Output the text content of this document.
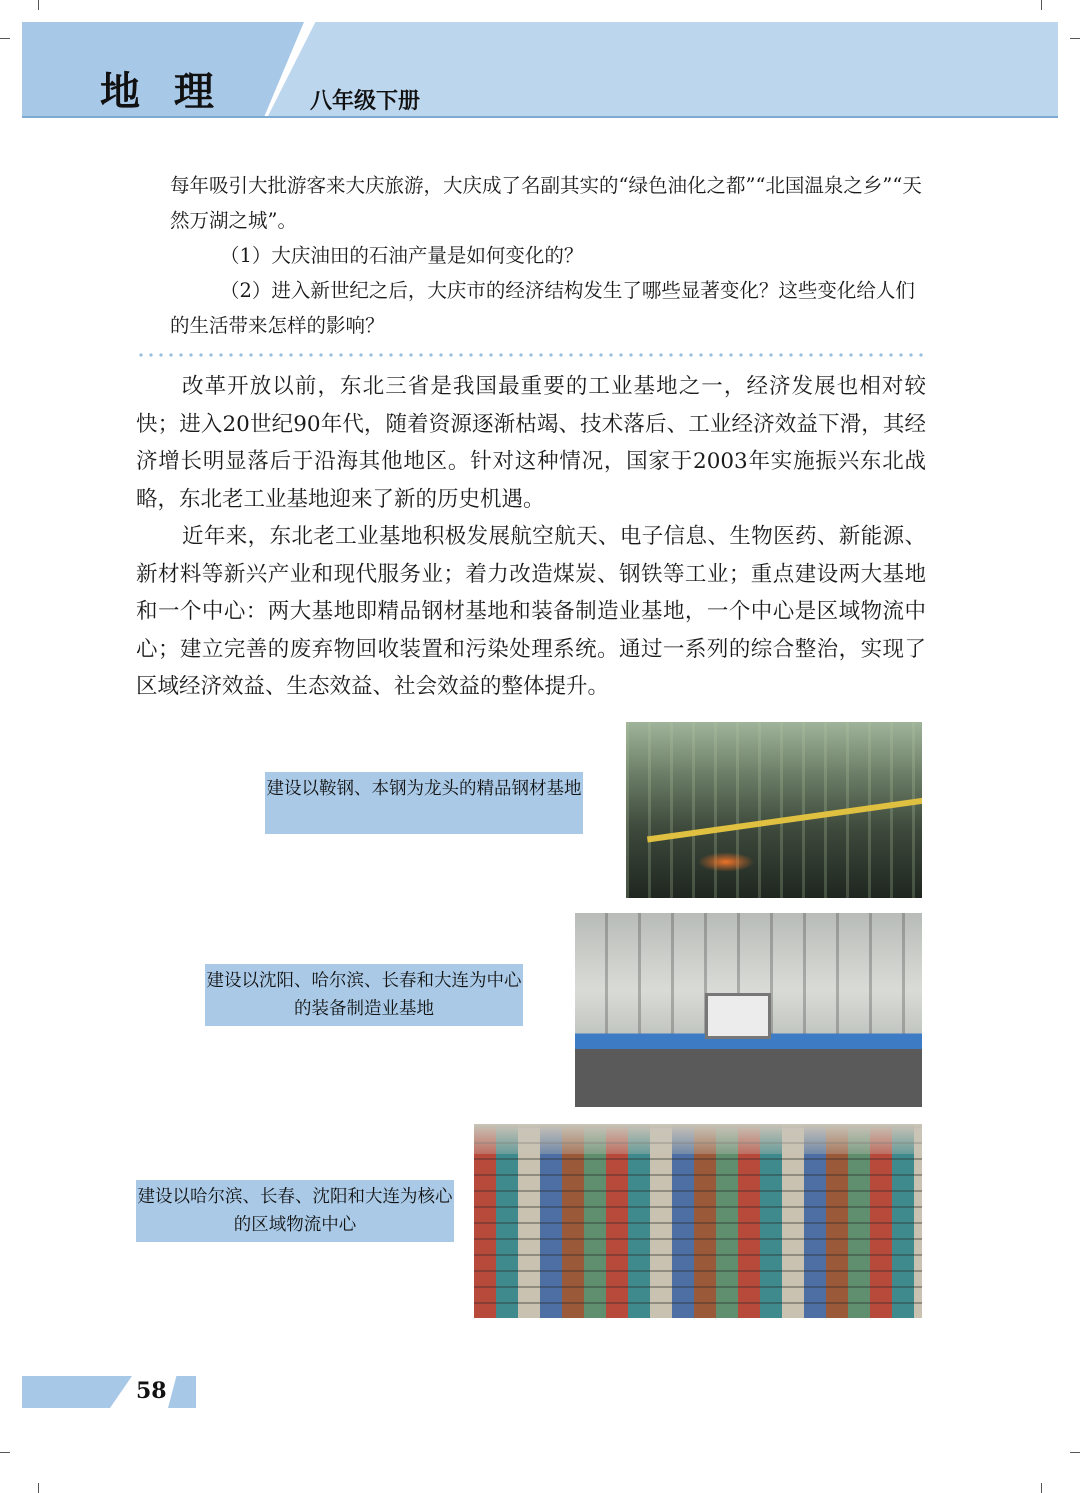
地 理	八年级下册

每年吸引大批游客来大庆旅游，大庆成了名副其实的“绿色油化之都”“北国温泉之乡”“天然万湖之城”。

（1）大庆油田的石油产量是如何变化的？

（2）进入新世纪之后，大庆市的经济结构发生了哪些显著变化？这些变化给人们的生活带来怎样的影响？

改革开放以前，东北三省是我国最重要的工业基地之一，经济发展也相对较快；进入20世纪90年代，随着资源逐渐枯竭、技术落后、工业经济效益下滑，其经济增长明显落后于沿海其他地区。针对这种情况，国家于2003年实施振兴东北战略，东北老工业基地迎来了新的历史机遇。

近年来，东北老工业基地积极发展航空航天、电子信息、生物医药、新能源、新材料等新兴产业和现代服务业；着力改造煤炭、钢铁等工业；重点建设两大基地和一个中心：两大基地即精品钢材基地和装备制造业基地，一个中心是区域物流中心；建立完善的废弃物回收装置和污染处理系统。通过一系列的综合整治，实现了区域经济效益、生态效益、社会效益的整体提升。

建设以鞍钢、本钢为龙头的精品钢材基地
建设以沈阳、哈尔滨、长春和大连为中心的装备制造业基地
建设以哈尔滨、长春、沈阳和大连为核心的区域物流中心
58
